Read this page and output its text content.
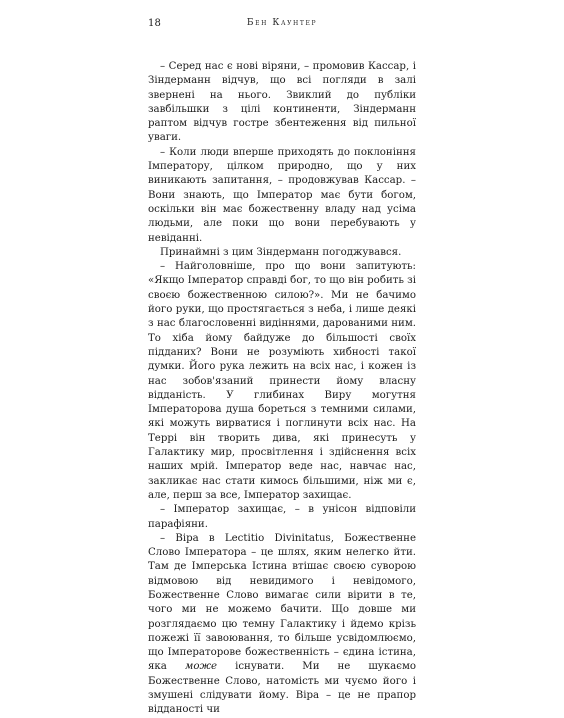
18	Бен Каунтер

– Серед нас є нові віряни, – промовив Кассар, і Зіндерманн відчув, що всі погляди в залі звернені на нього. Звиклий до публіки завбільшки з цілі континенти, Зіндерманн раптом відчув гостре збентеження від пильної уваги.

– Коли люди вперше приходять до поклоніння Імператору, цілком природно, що у них виникають запитання, – продовжував Кассар. – Вони знають, що Імператор має бути богом, оскільки він має божественну владу над усіма людьми, але поки що вони перебувають у невіданні.

Принаймні з цим Зіндерманн погоджувався.

– Найголовніше, про що вони запитують: «Якщо Імператор справді бог, то що він робить зі своєю божественною силою?». Ми не бачимо його руки, що простягається з неба, і лише деякі з нас благословенні видіннями, дарованими ним. То хіба йому байдуже до більшості своїх підданих? Вони не розуміють хибності такої думки. Його рука лежить на всіх нас, і кожен із нас зобов'язаний принести йому власну відданість. У глибинах Виру могутня Імператорова душа бореться з темними силами, які можуть вирватися і поглинути всіх нас. На Террі він творить дива, які принесуть у Галактику мир, просвітлення і здійснення всіх наших мрій. Імператор веде нас, навчає нас, закликає нас стати кимось більшими, ніж ми є, але, перш за все, Імператор захищає.

– Імператор захищає, – в унісон відповіли парафіяни.

– Віра в Lectitio Divinitatus, Божественне Слово Імператора – це шлях, яким нелегко йти. Там де Імперська Істина втішає своєю суворою відмовою від невидимого і невідомого, Божественне Слово вимагає сили вірити в те, чого ми не можемо бачити. Що довше ми розглядаємо цю темну Галактику і йдемо крізь пожежі її завоювання, то більше усвідомлюємо, що Імператорове божественність – єдина істина, яка може існувати. Ми не шукаємо Божественне Слово, натомість ми чуємо його і змушені слідувати йому. Віра – це не прапор відданості чи
